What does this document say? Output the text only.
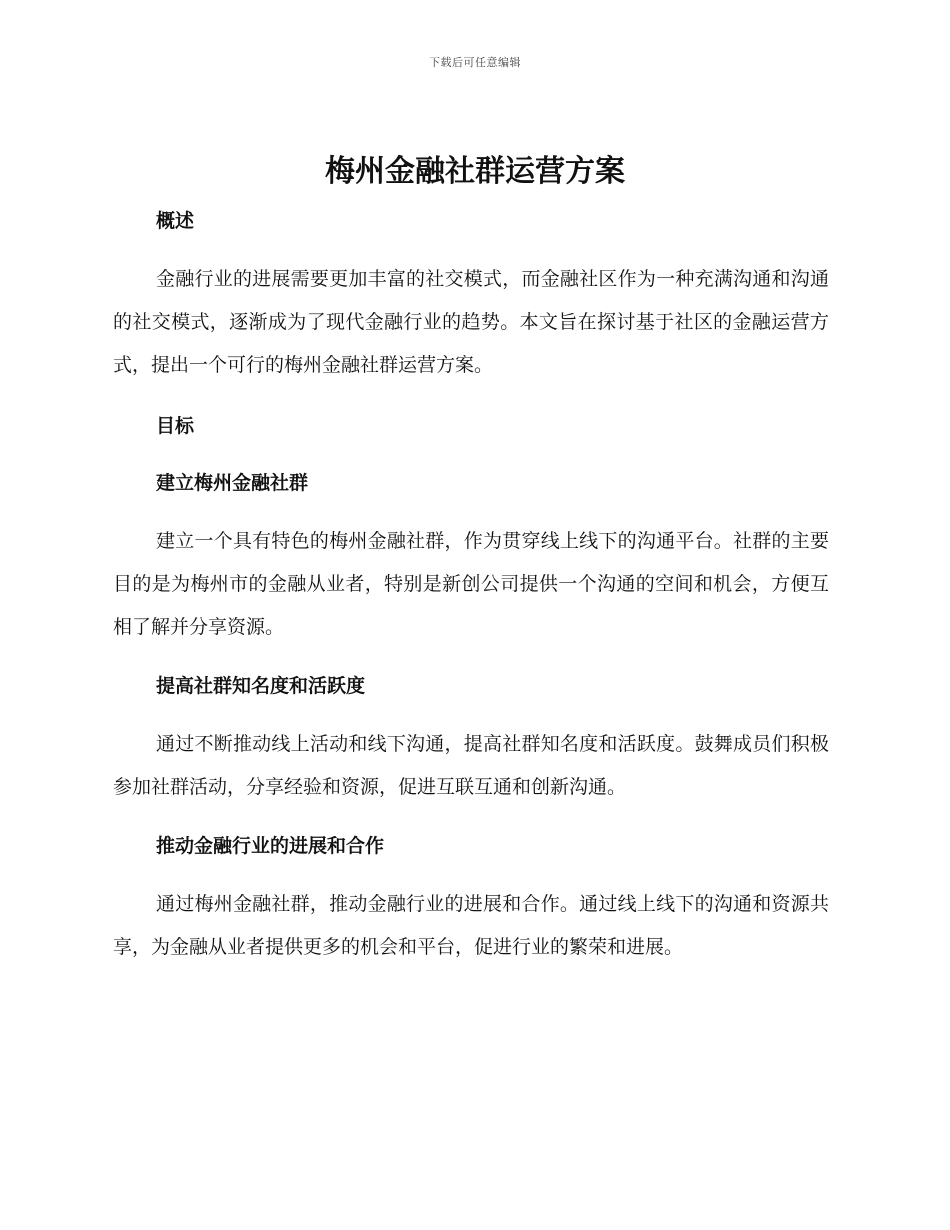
下载后可任意编辑
梅州金融社群运营方案
概述

金融行业的进展需要更加丰富的社交模式，而金融社区作为一种充满沟通和沟通的社交模式，逐渐成为了现代金融行业的趋势。本文旨在探讨基于社区的金融运营方式，提出一个可行的梅州金融社群运营方案。

目标
建立梅州金融社群

建立一个具有特色的梅州金融社群，作为贯穿线上线下的沟通平台。社群的主要目的是为梅州市的金融从业者，特别是新创公司提供一个沟通的空间和机会，方便互相了解并分享资源。

提高社群知名度和活跃度

通过不断推动线上活动和线下沟通，提高社群知名度和活跃度。鼓舞成员们积极参加社群活动，分享经验和资源，促进互联互通和创新沟通。

推动金融行业的进展和合作

通过梅州金融社群，推动金融行业的进展和合作。通过线上线下的沟通和资源共享，为金融从业者提供更多的机会和平台，促进行业的繁荣和进展。
